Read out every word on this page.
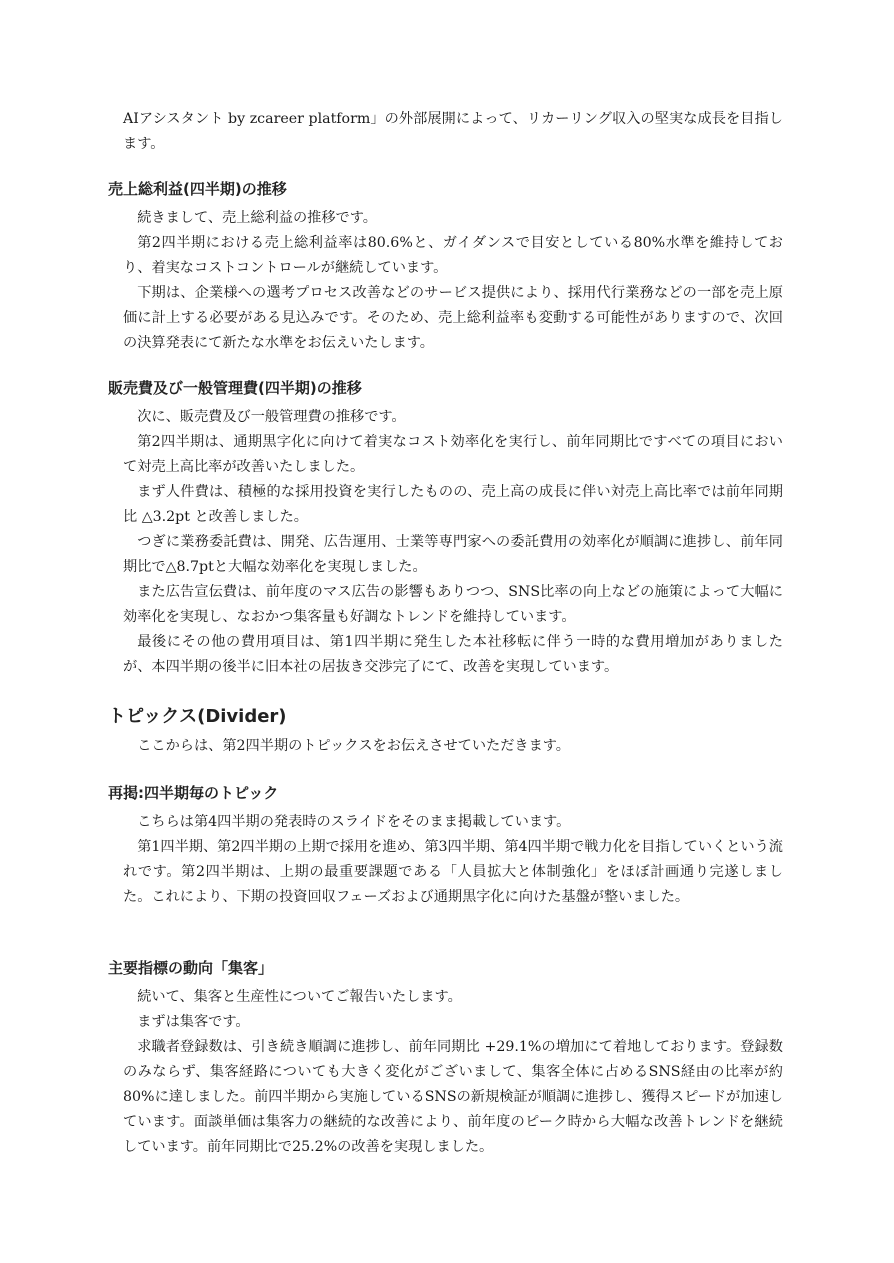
AIアシスタント by zcareer platform」の外部展開によって、リカーリング収入の堅実な成長を目指します。

売上総利益(四半期)の推移

続きまして、売上総利益の推移です。

第2四半期における売上総利益率は80.6%と、ガイダンスで目安としている80%水準を維持しており、着実なコストコントロールが継続しています。

下期は、企業様への選考プロセス改善などのサービス提供により、採用代行業務などの一部を売上原価に計上する必要がある見込みです。そのため、売上総利益率も変動する可能性がありますので、次回の決算発表にて新たな水準をお伝えいたします。

販売費及び一般管理費(四半期)の推移

次に、販売費及び一般管理費の推移です。

第2四半期は、通期黒字化に向けて着実なコスト効率化を実行し、前年同期比ですべての項目において対売上高比率が改善いたしました。

まず人件費は、積極的な採用投資を実行したものの、売上高の成長に伴い対売上高比率では前年同期比 △3.2pt と改善しました。

つぎに業務委託費は、開発、広告運用、士業等専門家への委託費用の効率化が順調に進捗し、前年同期比で△8.7ptと大幅な効率化を実現しました。

また広告宣伝費は、前年度のマス広告の影響もありつつ、SNS比率の向上などの施策によって大幅に効率化を実現し、なおかつ集客量も好調なトレンドを維持しています。

最後にその他の費用項目は、第1四半期に発生した本社移転に伴う一時的な費用増加がありましたが、本四半期の後半に旧本社の居抜き交渉完了にて、改善を実現しています。

トピックス(Divider)

ここからは、第2四半期のトピックスをお伝えさせていただきます。

再掲:四半期毎のトピック

こちらは第4四半期の発表時のスライドをそのまま掲載しています。

第1四半期、第2四半期の上期で採用を進め、第3四半期、第4四半期で戦力化を目指していくという流れです。第2四半期は、上期の最重要課題である「人員拡大と体制強化」をほぼ計画通り完遂しました。これにより、下期の投資回収フェーズおよび通期黒字化に向けた基盤が整いました。

主要指標の動向「集客」

続いて、集客と生産性についてご報告いたします。

まずは集客です。

求職者登録数は、引き続き順調に進捗し、前年同期比 +29.1%の増加にて着地しております。登録数のみならず、集客経路についても大きく変化がございまして、集客全体に占めるSNS経由の比率が約80%に達しました。前四半期から実施しているSNSの新規検証が順調に進捗し、獲得スピードが加速しています。面談単価は集客力の継続的な改善により、前年度のピーク時から大幅な改善トレンドを継続しています。前年同期比で25.2%の改善を実現しました。
